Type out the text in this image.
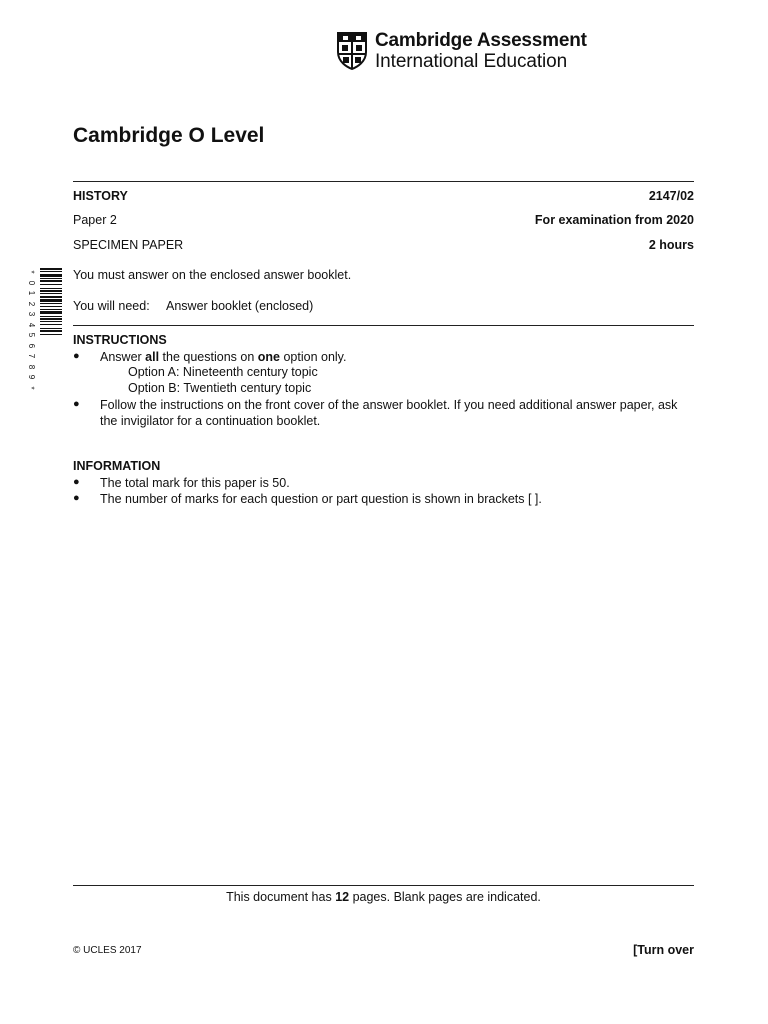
Cambridge Assessment
International Education
Cambridge O Level
HISTORY	2147/02
Paper 2	For examination from 2020
SPECIMEN PAPER	2 hours
You must answer on the enclosed answer booklet.
You will need: Answer booklet (enclosed)
*
0
1
2
3
4
5
6
7
8
9
*
INSTRUCTIONS
● Answer all the questions on one option only.
Option A: Nineteenth century topic
Option B: Twentieth century topic
● Follow the instructions on the front cover of the answer booklet. If you need additional answer paper, ask the invigilator for a continuation booklet.
INFORMATION
● The total mark for this paper is 50.
● The number of marks for each question or part question is shown in brackets [ ].
This document has 12 pages. Blank pages are indicated.
© UCLES 2017	[Turn over
